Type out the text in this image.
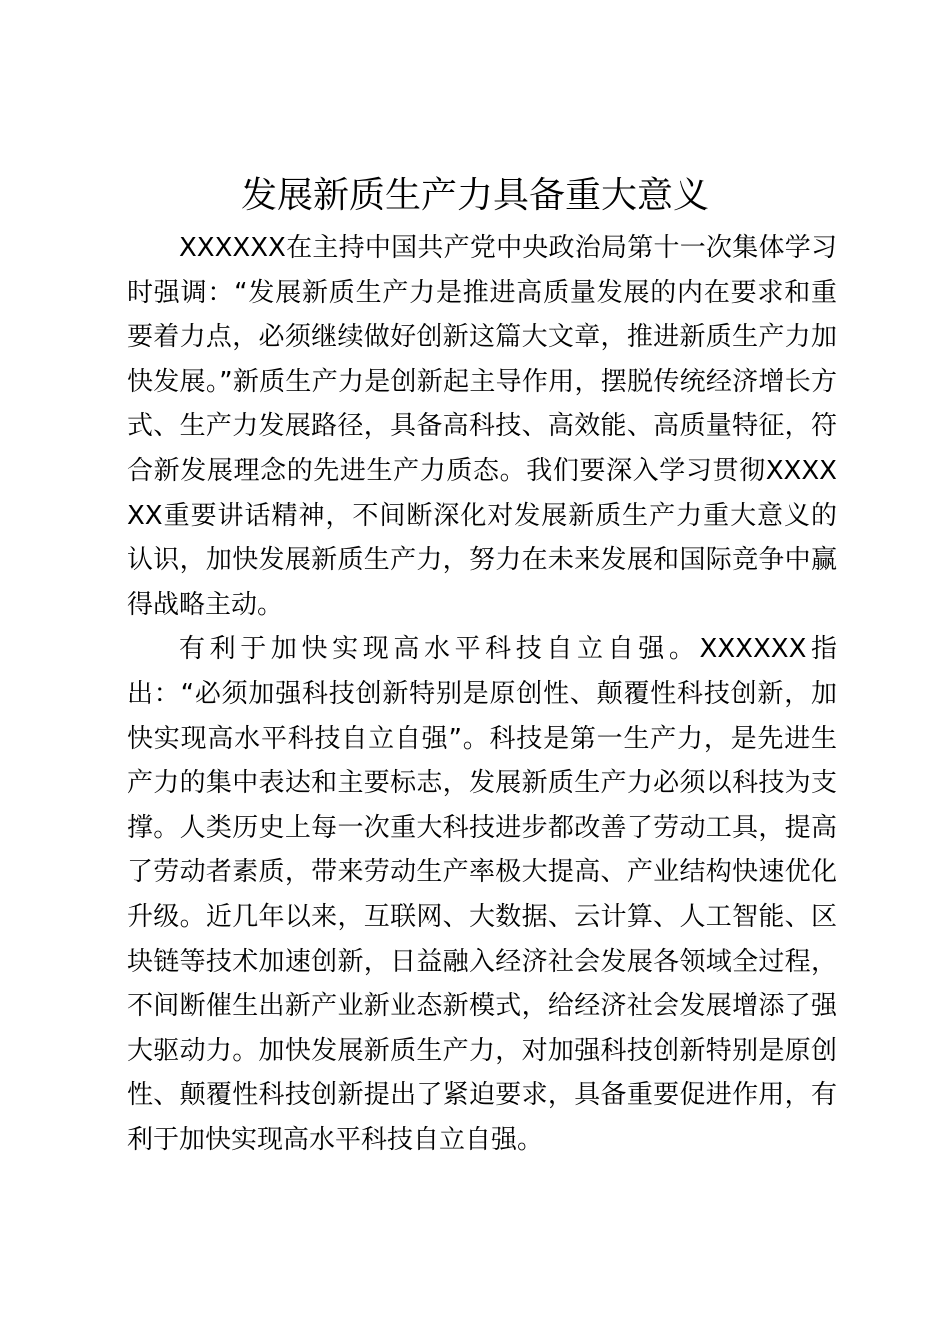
发展新质生产力具备重大意义

XXXXXX在主持中国共产党中央政治局第十一次集体学习时强调：“发展新质生产力是推进高质量发展的内在要求和重要着力点，必须继续做好创新这篇大文章，推进新质生产力加快发展。”新质生产力是创新起主导作用，摆脱传统经济增长方式、生产力发展路径，具备高科技、高效能、高质量特征，符合新发展理念的先进生产力质态。我们要深入学习贯彻XXXXXX重要讲话精神，不间断深化对发展新质生产力重大意义的认识，加快发展新质生产力，努力在未来发展和国际竞争中赢得战略主动。

有利于加快实现高水平科技自立自强。XXXXXX指出：“必须加强科技创新特别是原创性、颠覆性科技创新，加快实现高水平科技自立自强”。科技是第一生产力，是先进生产力的集中表达和主要标志，发展新质生产力必须以科技为支撑。人类历史上每一次重大科技进步都改善了劳动工具，提高了劳动者素质，带来劳动生产率极大提高、产业结构快速优化升级。近几年以来，互联网、大数据、云计算、人工智能、区块链等技术加速创新，日益融入经济社会发展各领域全过程，不间断催生出新产业新业态新模式，给经济社会发展增添了强大驱动力。加快发展新质生产力，对加强科技创新特别是原创性、颠覆性科技创新提出了紧迫要求，具备重要促进作用，有利于加快实现高水平科技自立自强。
